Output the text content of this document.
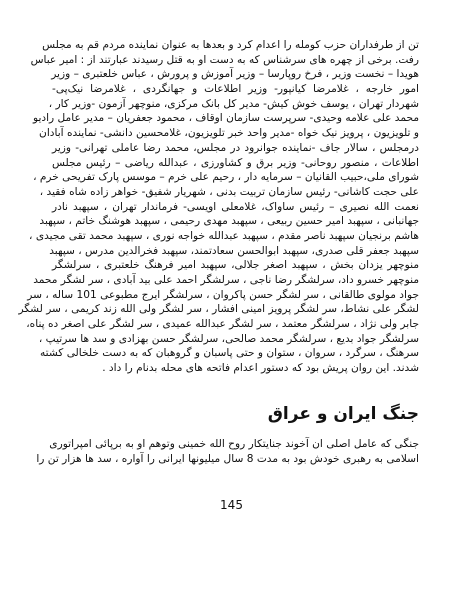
تن از طرفداران حزب کومله را اعدام کرد و بعدها به عنوان نماینده مردم قم به مجلس
رفت. برخی از چهره های سرشناس که به دست او به قتل رسیدند عبارتند از : امیر عباس
هویدا – نخست وزیر ، فرخ روپارسا – وزیر آموزش و پرورش ، عباس خلعتبری – وزیر
امور خارجه ، غلامرضا کیانپور- وزیر اطلاعات و جهانگردی ، غلامرضا نیک‌پی-
شهردار تهران ، یوسف خوش کیش- مدیر کل بانک مرکزی، منوچهر آزمون -وزیر کار ،
محمد علی علامه وحیدی- سرپرست سازمان اوقاف ، محمود جعفریان – مدیر عامل رادیو
و تلویزیون ، پرویز نیک خواه -مدیر واحد خبر تلویزیون، غلامحسین دانشی- نماینده آبادان
درمجلس ، سالار جاف -نماینده جوانرود در مجلس، محمد رضا عاملی تهرانی- وزیر
اطلاعات ، منصور روحانی- وزیر برق و کشاورزی ، عبدالله ریاضی – رئیس مجلس
شورای ملی،حبیب القانیان – سرمایه دار ، رحیم علی خرم – موسس پارک تفریحی خرم ،
علی حجت کاشانی- رئیس سازمان تربیت بدنی ، شهریار شفیق- خواهر زاده شاه فقید ،
نعمت الله نصیری – رئیس ساواک، غلامعلی اویسی- فرماندار تهران ، سپهبد نادر
جهانبانی ، سپهبد امیر حسین ربیعی ، سپهبد مهدی رحیمی ، سپهبد هوشنگ خاتم ، سپهبد
هاشم برنجیان سپهبد ناصر مقدم ، سپهبد عبدالله خواجه نوری ، سپهبد محمد تقی مجیدی ،
سپهبد جعفر قلی صدری، سپهبد ابوالحسن سعادتمند، سپهبد فخرالدین مدرس ، سپهبد
منوچهر یزدان بخش ، سپهبد اصغر جلالی، سپهبد امیر فرهنگ خلعتبری ، سرلشگر
منوچهر خسرو داد، سرلشگر رضا ناجی ، سرلشگر احمد علی بید آبادی ، سر لشگر محمد
جواد مولوی طالقانی ، سر لشگر حسن پاکروان ، سرلشگر ایرج مطبوعی 101 ساله ، سر
لشگر علی نشاط، سر لشگر پرویز امینی افشار ، سر لشگر ولی الله زند کریمی ، سر لشگر
جابر ولی نژاد ، سرلشگر معتمد ، سر لشگر عبدالله عمیدی ، سر لشگر علی اصغر ده پناه،
سرلشگر جواد بدیع ، سرلشگر محمد صالحی، سرلشگر حسن بهزادی و سد ها سرتیپ ،
سرهنگ ، سرگرد ، سروان ، ستوان و حتی پاسبان و گروهبان که به دست خلخالی کشته
شدند. این روان پریش بود که دستور اعدام فاتحه های محله بدنام را داد .
جنگ ایران و عراق
جنگی که عامل اصلی ان آخوند جنایتکار روح الله خمینی وتوهم او به برپائی امپراتوری
اسلامی به رهبری خودش بود به مدت 8 سال میلیونها ایرانی را آواره ، سد ها هزار تن را
145
